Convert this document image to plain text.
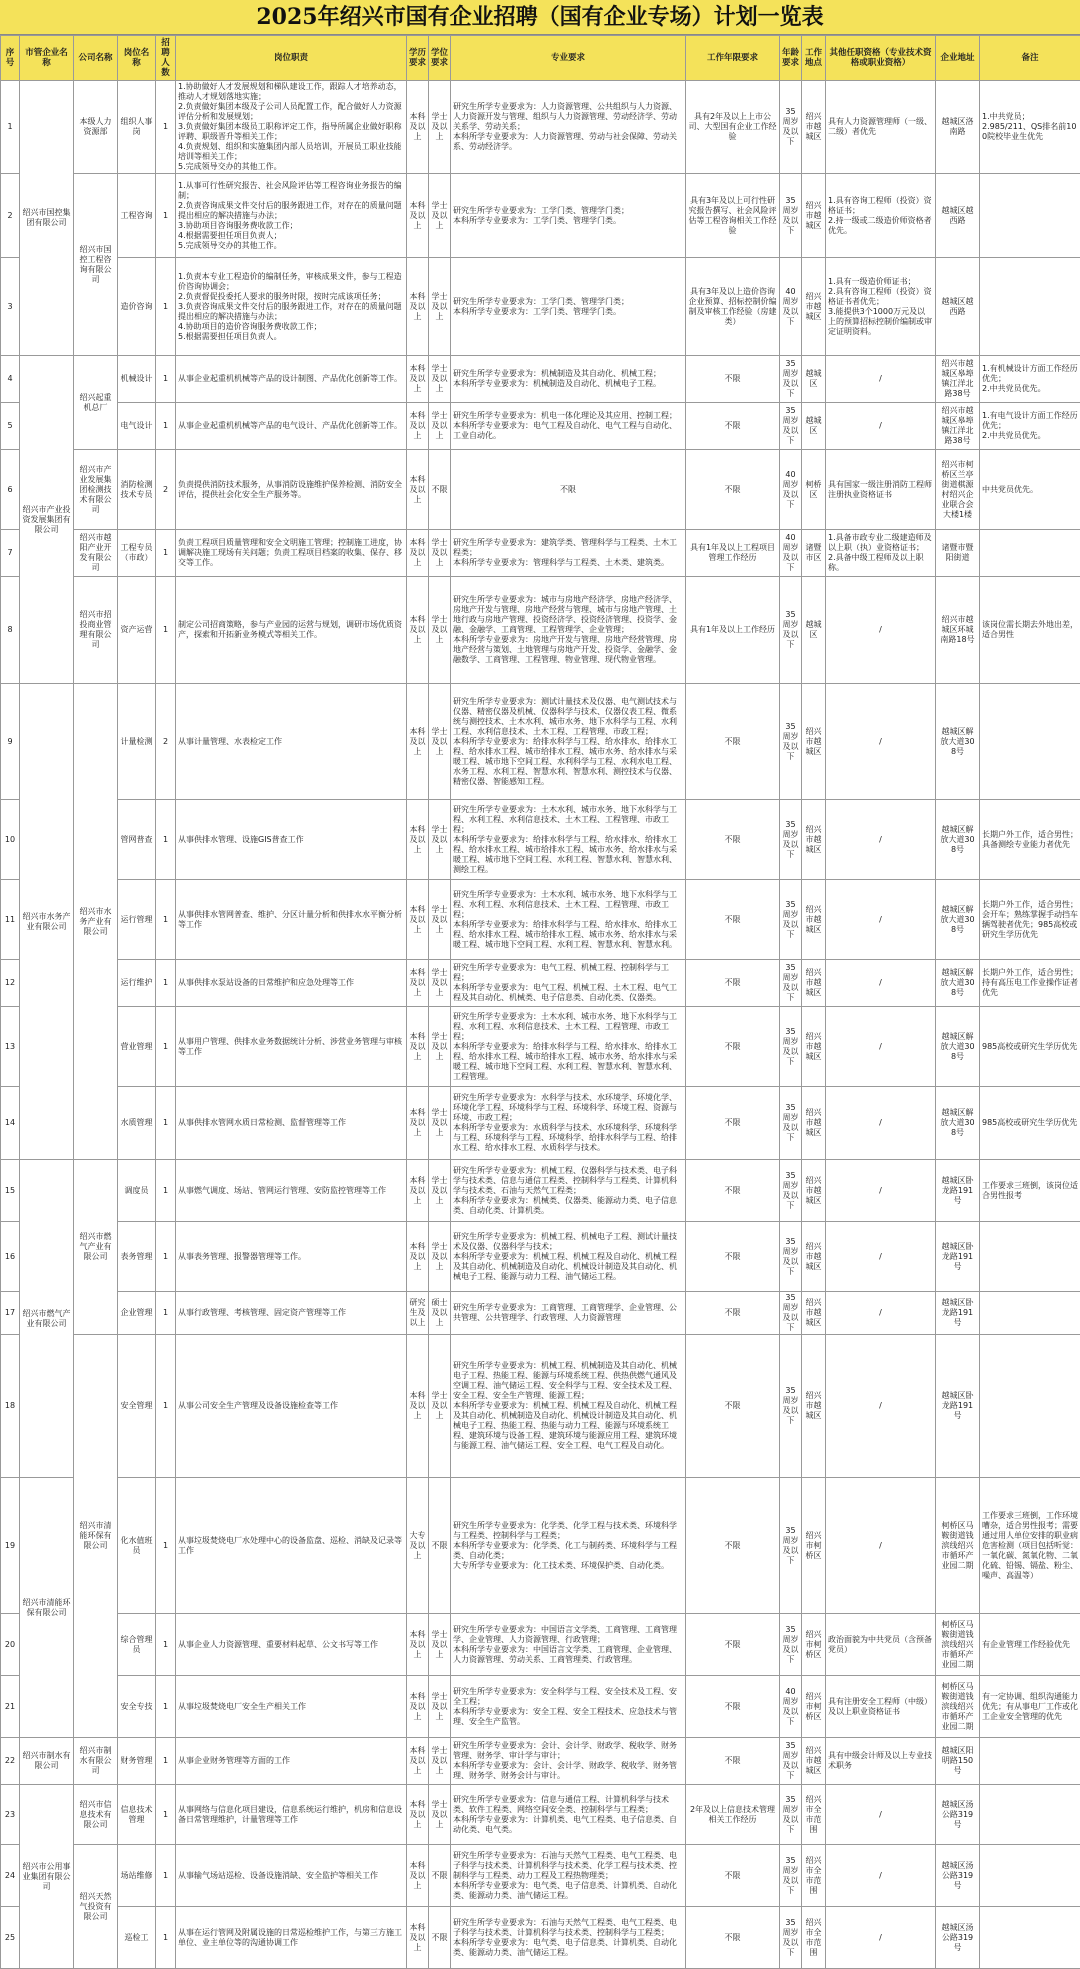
2025年绍兴市国有企业招聘（国有企业专场）计划一览表
序号	市管企业名称	公司名称	岗位名称	招聘人数	岗位职责	学历要求	学位要求	专业要求	工作年限要求	年龄要求	工作地点	其他任职资格（专业技术资格或职业资格）	企业地址	备注
1	绍兴市国控集团有限公司	本级人力资源部	组织人事岗	1	1.协助做好人才发展规划和梯队建设工作，跟踪人才培养动态，推动人才规划落地实施；
2.负责做好集团本级及子公司人员配置工作，配合做好人力资源评估分析和发展规划；
3.负责做好集团本级员工职称评定工作，指导所属企业做好职称评聘、职级晋升等相关工作；
4.负责规划、组织和实施集团内部人员培训，开展员工职业技能培训等相关工作；
5.完成领导交办的其他工作。	本科及以上	学士及以上	研究生所学专业要求为：人力资源管理、公共组织与人力资源、人力资源开发与管理、组织与人力资源管理、劳动经济学、劳动关系学、劳动关系；
本科所学专业要求为：人力资源管理、劳动与社会保障、劳动关系、劳动经济学。	具有2年及以上上市公司、大型国有企业工作经验	35周岁及以下	绍兴市越城区	具有人力资源管理师（一级、二级）者优先	越城区洛南路	1.中共党员；
2.985/211、QS排名前100院校毕业生优先
2		绍兴市国控工程咨询有限公司	工程咨询	1	1.从事可行性研究报告、社会风险评估等工程咨询业务报告的编制；
2.负责咨询成果文件交付后的服务跟进工作，对存在的质量问题提出相应的解决措施与办法；
3.协助项目咨询服务费收款工作；
4.根据需要担任项目负责人；
5.完成领导交办的其他工作。	本科及以上	学士及以上	研究生所学专业要求为：工学门类、管理学门类；
本科所学专业要求为：工学门类、管理学门类。	具有3年及以上可行性研究报告撰写、社会风险评估等工程咨询相关工作经验	35周岁及以下	绍兴市越城区	1.具有咨询工程师（投资）资格证书；
2.持一级或二级造价师资格者优先。	越城区越西路	
3			造价咨询	1	1.负责本专业工程造价的编制任务，审核成果文件，参与工程造价咨询协调会；
2.负责督促投委托人要求的服务时限，按时完成该项任务；
3.负责咨询成果文件交付后的服务跟进工作，对存在的质量问题提出相应的解决措施与办法；
4.协助项目的造价咨询服务费收款工作；
5.根据需要担任项目负责人。	本科及以上	学士及以上	研究生所学专业要求为：工学门类、管理学门类；
本科所学专业要求为：工学门类、管理学门类。	具有3年及以上造价咨询企业预算、招标控制价编制及审核工作经验（房建类）	40周岁及以下	绍兴市越城区	1.具有一级造价师证书；
2.具有咨询工程师（投资）资格证书者优先；
3.能提供3个1000万元及以上的预算招标控制价编制或审定证明资料。	越城区越西路	
4	绍兴市产业投资发展集团有限公司	绍兴起重机总厂	机械设计	1	从事企业起重机机械等产品的设计制图、产品优化创新等工作。	本科及以上	学士及以上	研究生所学专业要求为：机械制造及其自动化、机械工程；
本科所学专业要求为：机械制造及自动化、机械电子工程。	不限	35周岁及以下	越城区	/	绍兴市越城区皋埠镇江洋北路38号	1.有机械设计方面工作经历优先；
2.中共党员优先。
5			电气设计	1	从事企业起重机机械等产品的电气设计、产品优化创新等工作。	本科及以上	学士及以上	研究生所学专业要求为：机电一体化理论及其应用、控制工程；
本科所学专业要求为：电气工程及自动化、电气工程与自动化、工业自动化。	不限	35周岁及以下	越城区	/	绍兴市越城区皋埠镇江洋北路38号	1.有电气设计方面工作经历优先；
2.中共党员优先。
6		绍兴市产业发展集团检测技术有限公司	消防检测技术专员	2	负责提供消防技术服务，从事消防设施维护保养检测、消防安全评估，提供社会化安全生产服务等。	本科及以上	不限	不限	不限	40周岁及以下	柯桥区	具有国家一级注册消防工程师注册执业资格证书	绍兴市柯桥区兰亭街道棋源村绍兴企业联合会大楼1楼	中共党员优先。
7		绍兴市越阳产业开发有限公司	工程专员（市政）	1	负责工程项目质量管理和安全文明施工管理；控制施工进度，协调解决施工现场有关问题；负责工程项目档案的收集、保存、移交等工作。	本科及以上	学士及以上	研究生所学专业要求为：建筑学类、管理科学与工程类、土木工程类；
本科所学专业要求为：管理科学与工程类、土木类、建筑类。	具有1年及以上工程项目管理工作经历	40周岁及以下	诸暨市区	1.具备市政专业二级建造师及以上职（执）业资格证书；
2.具备中级工程师及以上职称。	诸暨市暨阳街道	
8		绍兴市招投商业管理有限公司	资产运营	1	制定公司招商策略，参与产业园的运营与规划，调研市场优质资产，探索和开拓新业务模式等相关工作。	本科及以上	学士及以上	研究生所学专业要求为：城市与房地产经济学、房地产经济学、房地产开发与管理、房地产经营与管理、城市与房地产管理、土地行政与房地产管理、投资经济学、投资经济管理、投资学、金融、金融学、工商管理、工程管理学、企业管理；
本科所学专业要求为：房地产开发与管理、房地产经营管理、房地产经营与策划、土地管理与房地产开发、投资学、金融学、金融数学、工商管理、工程管理、物业管理、现代物业管理。	具有1年及以上工作经历	35周岁及以下	越城区	/	绍兴市越城区环城南路18号	该岗位需长期去外地出差，适合男性
9	绍兴市水务产业有限公司	绍兴市水务产业有限公司	计量检测	2	从事计量管理、水表检定工作	本科及以上	学士及以上	研究生所学专业要求为：测试计量技术及仪器、电气测试技术与仪器、精密仪器及机械、仪器科学与技术、仪器仪表工程、微系统与测控技术、土木水利、城市水务、地下水科学与工程、水利工程、水利信息技术、土木工程、工程管理、市政工程；
本科所学专业要求为：给排水科学与工程、给水排水、给排水工程、给水排水工程、城市给排水工程、城市水务、给水排水与采暖工程、城市地下空间工程、水利科学与工程、水利水电工程、水务工程、水利工程、智慧水利、智慧水利、测控技术与仪器、精密仪器、智能感知工程。	不限	35周岁及以下	绍兴市越城区	/	越城区解放大道308号	
10			管网普查	1	从事供排水管理、设施GIS普查工作	本科及以上	学士及以上	研究生所学专业要求为：土木水利、城市水务、地下水科学与工程、水利工程、水利信息技术、土木工程、工程管理、市政工程；
本科所学专业要求为：给排水科学与工程、给水排水、给排水工程、给水排水工程、城市给排水工程、城市水务、给水排水与采暖工程、城市地下空间工程、水利工程、智慧水利、智慧水利、测绘工程。	不限	35周岁及以下	绍兴市越城区	/	越城区解放大道308号	长期户外工作，适合男性；具备测绘专业能力者优先
11			运行管理	1	从事供排水管网普查、维护、分区计量分析和供排水水平衡分析等工作	本科及以上	学士及以上	研究生所学专业要求为：土木水利、城市水务、地下水科学与工程、水利工程、水利信息技术、土木工程、工程管理、市政工程；
本科所学专业要求为：给排水科学与工程、给水排水、给排水工程、给水排水工程、城市给排水工程、城市水务、给水排水与采暖工程、城市地下空间工程、水利工程、智慧水利、智慧水利。	不限	35周岁及以下	绍兴市越城区	/	越城区解放大道308号	长期户外工作，适合男性；会开车；熟练掌握手动挡车辆驾驶者优先；985高校或研究生学历优先
12			运行维护	1	从事供排水泵站设备的日常维护和应急处理等工作	本科及以上	学士及以上	研究生所学专业要求为：电气工程、机械工程、控制科学与工程；
本科所学专业要求为：电气工程、机械工程、土木工程、电气工程及其自动化、机械类、电子信息类、自动化类、仪器类。	不限	35周岁及以下	绍兴市越城区	/	越城区解放大道308号	长期户外工作，适合男性；持有高压电工作业操作证者优先
13			营业管理	1	从事用户管理、供排水业务数据统计分析、涉营业务管理与审核等工作	本科及以上	学士及以上	研究生所学专业要求为：土木水利、城市水务、地下水科学与工程、水利工程、水利信息技术、土木工程、工程管理、市政工程；
本科所学专业要求为：给排水科学与工程、给水排水、给排水工程、给水排水工程、城市给排水工程、城市水务、给水排水与采暖工程、城市地下空间工程、水利工程、智慧水利、智慧水利、工程管理。	不限	35周岁及以下	绍兴市越城区	/	越城区解放大道308号	985高校或研究生学历优先
14			水质管理	1	从事供排水管网水质日常检测、监督管理等工作	本科及以上	学士及以上	研究生所学专业要求为：水科学与技术、水环境学、环境化学、环境化学工程、环境科学与工程、环境科学、环境工程、资源与环境、市政工程；
本科所学专业要求为：水质科学与技术、水环境科学、环境科学与工程、环境科学与工程、环境科学、给排水科学与工程、给排水工程、给水排水工程、水质科学与技术。	不限	35周岁及以下	绍兴市越城区	/	越城区解放大道308号	985高校或研究生学历优先
15	绍兴市燃气产业有限公司	绍兴市燃气产业有限公司	调度员	1	从事燃气调度、场站、管网运行管理、安防监控管理等工作	本科及以上	学士及以上	研究生所学专业要求为：机械工程、仪器科学与技术类、电子科学与技术类、信息与通信工程类、控制科学与工程类、计算机科学与技术类、石油与天然气工程类；
本科所学专业要求为：机械类、仪器类、能源动力类、电子信息类、自动化类、计算机类。	不限	35周岁及以下	绍兴市越城区	/	越城区卧龙路191号	工作要求三班倒，该岗位适合男性报考
16			表务管理	1	从事表务管理、报警器管理等工作。	本科及以上	学士及以上	研究生所学专业要求为：机械工程、机械电子工程、测试计量技术及仪器、仪器科学与技术；
本科所学专业要求为：机械工程、机械工程及自动化、机械工程及其自动化、机械制造及自动化、机械设计制造及其自动化、机械电子工程、能源与动力工程、油气储运工程。	不限	35周岁及以下	绍兴市越城区	/	越城区卧龙路191号	
17			企业管理	1	从事行政管理、考核管理、固定资产管理等工作	研究生及以上	硕士及以上	研究生所学专业要求为：工商管理、工商管理学、企业管理、公共管理、公共管理学、行政管理、人力资源管理	不限	35周岁及以下	绍兴市越城区	/	越城区卧龙路191号	
18		绍兴市清能环保有限公司	安全管理	1	从事公司安全生产管理及设备设施检查等工作	本科及以上	学士及以上	研究生所学专业要求为：机械工程、机械制造及其自动化、机械电子工程、热能工程、能源与环境系统工程、供热供燃气通风及空调工程、油气储运工程、安全科学与工程、安全技术及工程、安全工程、安全生产管理、能源工程；
本科所学专业要求为：机械工程、机械工程及自动化、机械工程及其自动化、机械制造及自动化、机械设计制造及其自动化、机械电子工程、热能工程、热能与动力工程、能源与环境系统工程、建筑环境与设备工程、建筑环境与能源应用工程、建筑环境与能源工程、油气储运工程、安全工程、电气工程及自动化。	不限	35周岁及以下	绍兴市越城区	/	越城区卧龙路191号	
19	绍兴市清能环保有限公司		化水值班员	1	从事垃圾焚烧电厂水处理中心的设备监盘、巡检、消缺及记录等工作	大专及以上	不限	研究生所学专业要求为：化学类、化学工程与技术类、环境科学与工程类、控制科学与工程类；
本科所学专业要求为：化学类、化工与制药类、环境科学与工程类、自动化类；
大专所学专业要求为：化工技术类、环境保护类、自动化类。	不限	35周岁及以下	绍兴市柯桥区	/	柯桥区马鞍街道钱滨线绍兴市循环产业园二期	工作要求三班倒，工作环境嘈杂，适合男性报考；需要通过用人单位安排的职业病危害检测（项目包括听觉：一氧化碳、氮氧化物、二氧化硫、铅锡、镉盐、粉尘、噪声、高温等）
20			综合管理员	1	从事企业人力资源管理、重要材料起草、公文书写等工作	本科及以上	学士及以上	研究生所学专业要求为：中国语言文学类、工商管理、工商管理学、企业管理、人力资源管理、行政管理；
本科所学专业要求为：中国语言文学类、工商管理、企业管理、人力资源管理、劳动关系、工商管理类、行政管理。	不限	35周岁及以下	绍兴市柯桥区	政治面貌为中共党员（含预备党员）	柯桥区马鞍街道钱滨线绍兴市循环产业园二期	有企业管理工作经验优先
21			安全专技	1	从事垃圾焚烧电厂安全生产相关工作	本科及以上	学士及以上	研究生所学专业要求为：安全科学与工程、安全技术及工程、安全工程；
本科所学专业要求为：安全工程、安全工程技术、应急技术与管理、安全生产监管。	不限	40周岁及以下	绍兴市柯桥区	具有注册安全工程师（中级）及以上职业资格证书	柯桥区马鞍街道钱滨线绍兴市循环产业园二期	有一定协调、组织沟通能力优先；有从事电厂工作或化工企业安全管理的优先
22	绍兴市制水有限公司	绍兴市制水有限公司	财务管理	1	从事企业财务管理等方面的工作	本科及以上	学士及以上	研究生所学专业要求为：会计、会计学、财政学、税收学、财务管理、财务学、审计学与审计；
本科所学专业要求为：会计、会计学、财政学、税收学、财务管理、财务学、财务会计与审计。	不限	35周岁及以下	绍兴市越城区	具有中级会计师及以上专业技术职务	越城区阳明路150号	
23	绍兴市公用事业集团有限公司	绍兴市信息技术有限公司	信息技术管理	1	从事网络与信息化项目建设，信息系统运行维护，机房和信息设备日常管理维护，计量管理等工作	本科及以上	学士及以上	研究生所学专业要求为：信息与通信工程、计算机科学与技术类、软件工程类、网络空间安全类、控制科学与工程类；
本科所学专业要求为：计算机类、电气工程类、电子信息类、自动化类、电气类。	2年及以上信息技术管理相关工作经历	35周岁及以下	绍兴市全市范围	/	越城区汤公路319号	
24		绍兴天然气投资有限公司	场站维修	1	从事输气场站巡检、设备设施消缺、安全监护等相关工作	本科及以上	不限	研究生所学专业要求为：石油与天然气工程类、电气工程类、电子科学与技术类、计算机科学与技术类、化学工程与技术类、控制科学与工程类、动力工程及工程热物理类；
本科所学专业要求为：电气类、电子信息类、计算机类、自动化类、能源动力类、油气储运工程。	不限	35周岁及以下	绍兴市全市范围	/	越城区汤公路319号	
25			巡检工	1	从事在运行管网及附属设施的日常巡检维护工作，与第三方施工单位、业主单位等的沟通协调工作	本科及以上	不限	研究生所学专业要求为：石油与天然气工程类、电气工程类、电子科学与技术类、计算机科学与技术类、控制科学与工程类；
本科所学专业要求为：电气类、电子信息类、计算机类、自动化类、能源动力类、油气储运工程。	不限	35周岁及以下	绍兴市全市范围	/	越城区汤公路319号	
